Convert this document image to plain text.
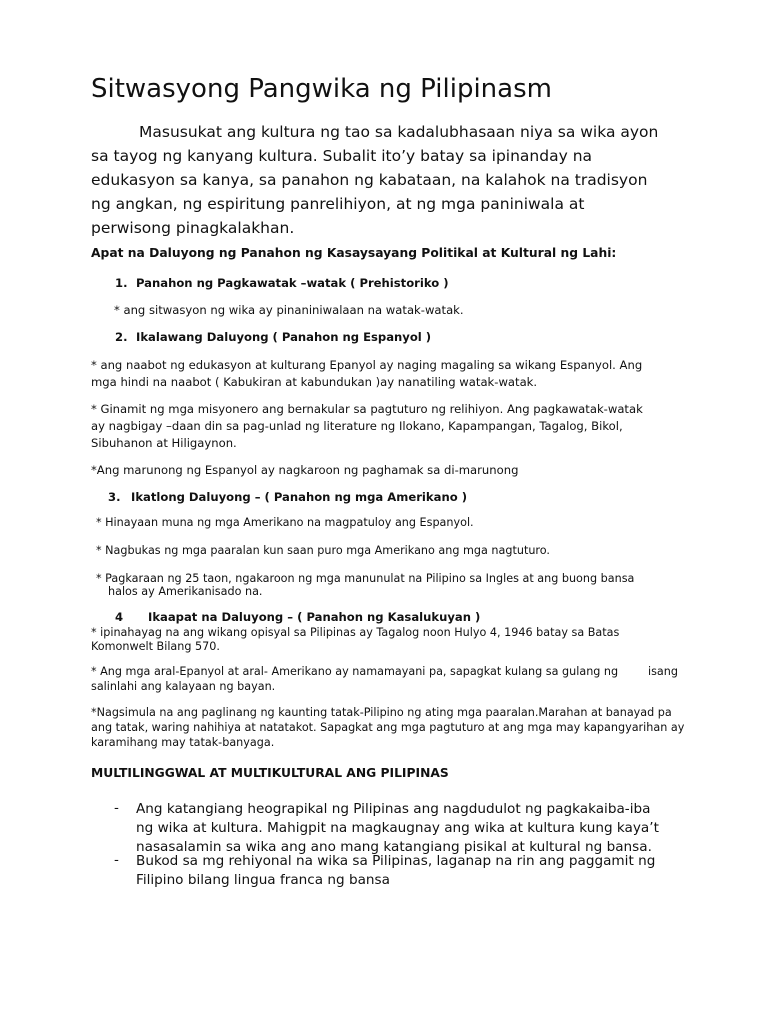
Sitwasyong Pangwika ng Pilipinasm
Masusukat ang kultura ng tao sa kadalubhasaan niya sa wika ayon
sa tayog ng kanyang kultura. Subalit ito’y batay sa ipinanday na
edukasyon sa kanya, sa panahon ng kabataan, na kalahok na tradisyon
ng angkan, ng espiritung panrelihiyon, at ng mga paniniwala at
perwisong pinagkalakhan.
Apat na Daluyong ng Panahon ng Kasaysayang Politikal at Kultural ng Lahi:
1. Panahon ng Pagkawatak –watak ( Prehistoriko )
* ang sitwasyon ng wika ay pinaniniwalaan na watak-watak.
2. Ikalawang Daluyong ( Panahon ng Espanyol )
* ang naabot ng edukasyon at kulturang Epanyol ay naging magaling sa wikang Espanyol. Ang
mga hindi na naabot ( Kabukiran at kabundukan )ay nanatiling watak-watak.
* Ginamit ng mga misyonero ang bernakular sa pagtuturo ng relihiyon. Ang pagkawatak-watak
ay nagbigay –daan din sa pag-unlad ng literature ng Ilokano, Kapampangan, Tagalog, Bikol,
Sibuhanon at Hiligaynon.
*Ang marunong ng Espanyol ay nagkaroon ng paghamak sa di-marunong
3. Ikatlong Daluyong – ( Panahon ng mga Amerikano )
* Hinayaan muna ng mga Amerikano na magpatuloy ang Espanyol.
* Nagbukas ng mga paaralan kun saan puro mga Amerikano ang mga nagtuturo.
* Pagkaraan ng 25 taon, ngakaroon ng mga manunulat na Pilipino sa Ingles at ang buong bansa
halos ay Amerikanisado na.
4 Ikaapat na Daluyong – ( Panahon ng Kasalukuyan )
* ipinahayag na ang wikang opisyal sa Pilipinas ay Tagalog noon Hulyo 4, 1946 batay sa Batas
Komonwelt Bilang 570.
* Ang mga aral-Epanyol at aral- Amerikano ay namamayani pa, sapagkat kulang sa gulang ng	isang
salinlahi ang kalayaan ng bayan.
*Nagsimula na ang paglinang ng kaunting tatak-Pilipino ng ating mga paaralan.Marahan at banayad pa
ang tatak, waring nahihiya at natatakot. Sapagkat ang mga pagtuturo at ang mga may kapangyarihan ay
karamihang may tatak-banyaga.
MULTILINGGWAL AT MULTIKULTURAL ANG PILIPINAS
- Ang katangiang heograpikal ng Pilipinas ang nagdudulot ng pagkakaiba-iba
ng wika at kultura. Mahigpit na magkaugnay ang wika at kultura kung kaya’t
nasasalamin sa wika ang ano mang katangiang pisikal at kultural ng bansa.
- Bukod sa mg rehiyonal na wika sa Pilipinas, laganap na rin ang paggamit ng
Filipino bilang lingua franca ng bansa
